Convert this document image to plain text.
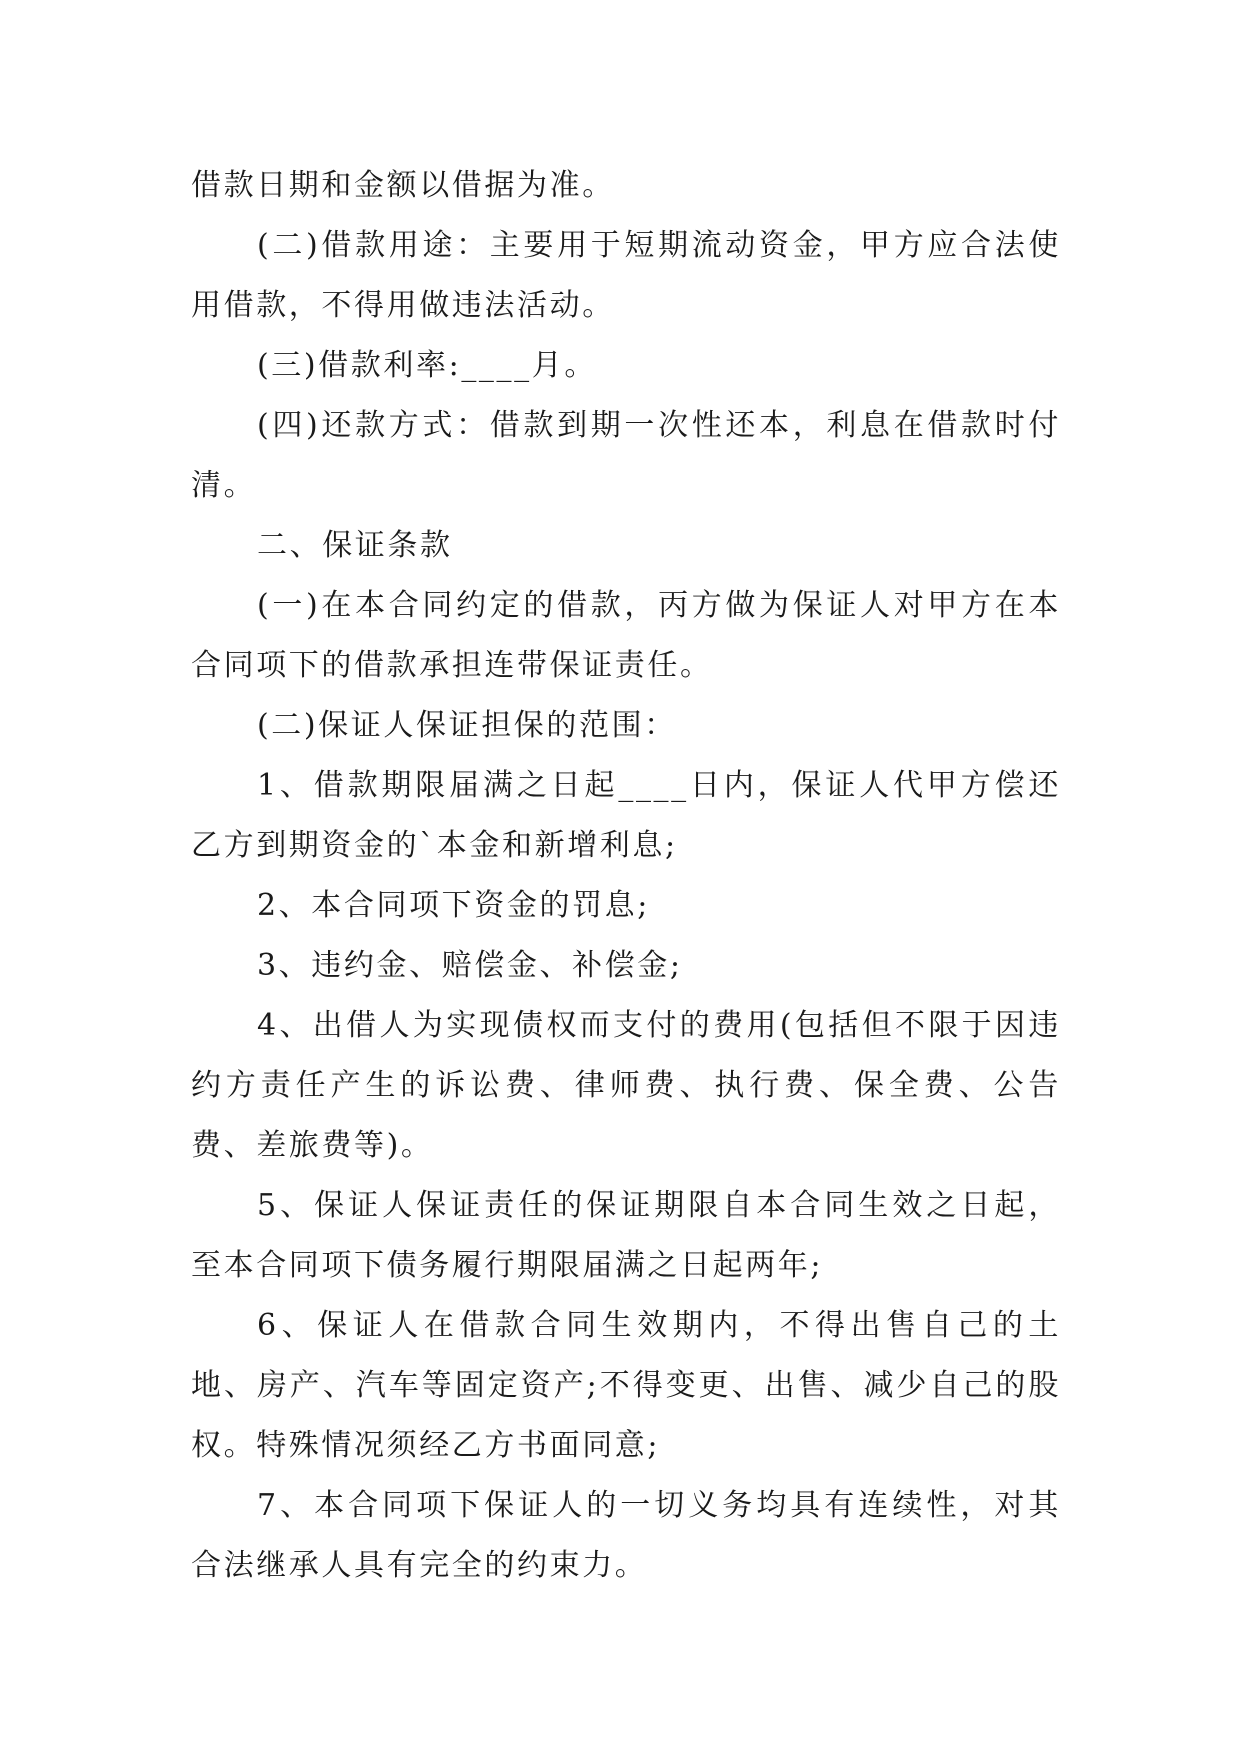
借款日期和金额以借据为准。

(二)借款用途：主要用于短期流动资金，甲方应合法使用借款，不得用做违法活动。

(三)借款利率:____月。

(四)还款方式：借款到期一次性还本，利息在借款时付清。

二、保证条款

(一)在本合同约定的借款，丙方做为保证人对甲方在本合同项下的借款承担连带保证责任。

(二)保证人保证担保的范围：

1、借款期限届满之日起____日内，保证人代甲方偿还乙方到期资金的`本金和新增利息;

2、本合同项下资金的罚息;

3、违约金、赔偿金、补偿金;

4、出借人为实现债权而支付的费用(包括但不限于因违约方责任产生的诉讼费、律师费、执行费、保全费、公告费、差旅费等)。

5、保证人保证责任的保证期限自本合同生效之日起，至本合同项下债务履行期限届满之日起两年;

6、保证人在借款合同生效期内，不得出售自己的土地、房产、汽车等固定资产;不得变更、出售、减少自己的股权。特殊情况须经乙方书面同意;

7、本合同项下保证人的一切义务均具有连续性，对其合法继承人具有完全的约束力。
